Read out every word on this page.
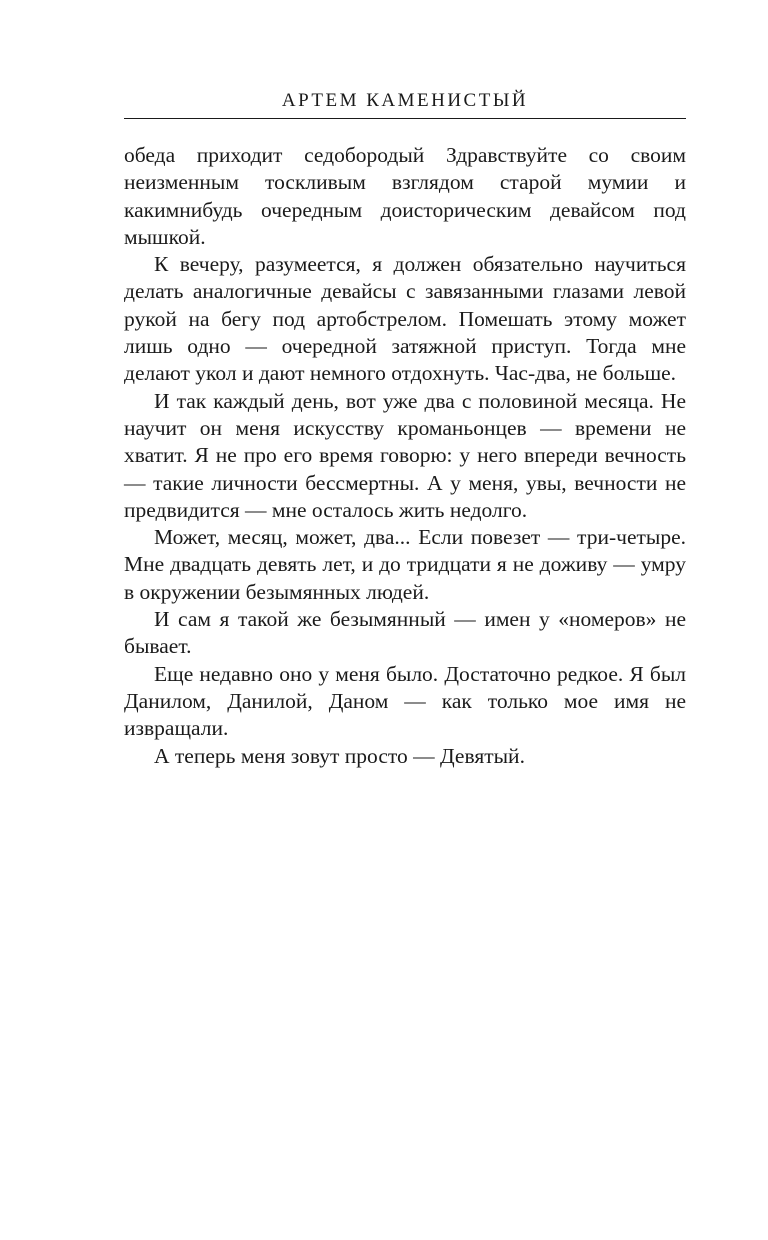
АРТЕМ КАМЕНИСТЫЙ

обеда приходит седобородый Здравствуйте со своим неизменным тоскливым взглядом старой мумии и какимнибудь очередным доисторическим девайсом под мышкой.

К вечеру, разумеется, я должен обязательно научиться делать аналогичные девайсы с завязанными глазами левой рукой на бегу под артобстрелом. Помешать этому может лишь одно — очередной затяжной приступ. Тогда мне делают укол и дают немного отдохнуть. Час-два, не больше.

И так каждый день, вот уже два с половиной месяца. Не научит он меня искусству кроманьонцев — времени не хватит. Я не про его время говорю: у него впереди вечность — такие личности бессмертны. А у меня, увы, вечности не предвидится — мне осталось жить недолго.

Может, месяц, может, два... Если повезет — три-четыре. Мне двадцать девять лет, и до тридцати я не доживу — умру в окружении безымянных людей.

И сам я такой же безымянный — имен у «номеров» не бывает.

Еще недавно оно у меня было. Достаточно редкое. Я был Данилом, Данилой, Даном — как только мое имя не извращали.

А теперь меня зовут просто — Девятый.
